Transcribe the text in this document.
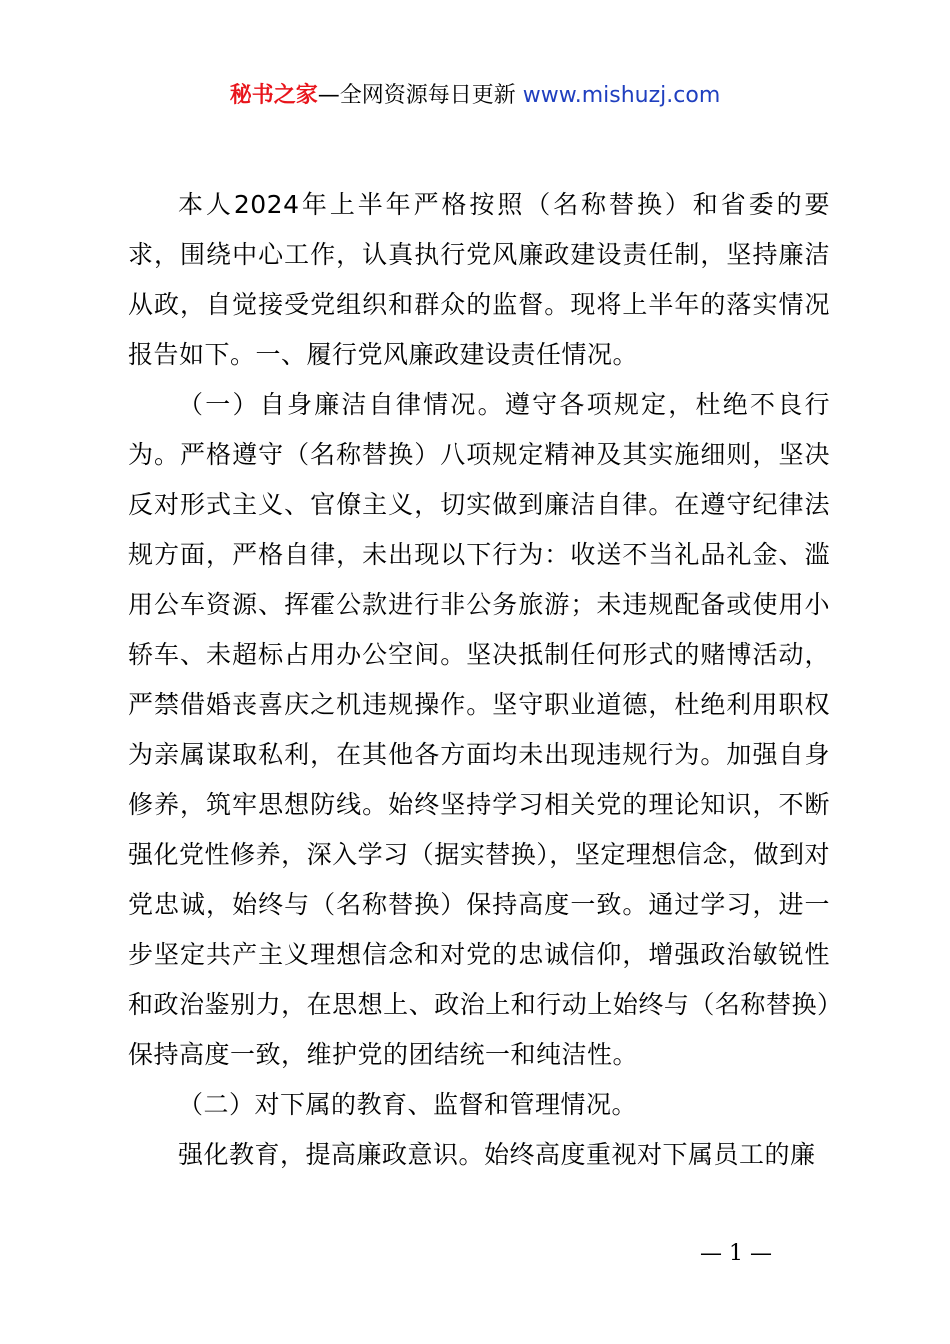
秘书之家—全网资源每日更新 www.mishuzj.com

本人2024年上半年严格按照（名称替换）和省委的要求，围绕中心工作，认真执行党风廉政建设责任制，坚持廉洁从政，自觉接受党组织和群众的监督。现将上半年的落实情况报告如下。一、履行党风廉政建设责任情况。

（一）自身廉洁自律情况。遵守各项规定，杜绝不良行为。严格遵守（名称替换）八项规定精神及其实施细则，坚决反对形式主义、官僚主义，切实做到廉洁自律。在遵守纪律法规方面，严格自律，未出现以下行为：收送不当礼品礼金、滥用公车资源、挥霍公款进行非公务旅游；未违规配备或使用小轿车、未超标占用办公空间。坚决抵制任何形式的赌博活动，严禁借婚丧喜庆之机违规操作。坚守职业道德，杜绝利用职权为亲属谋取私利，在其他各方面均未出现违规行为。加强自身修养，筑牢思想防线。始终坚持学习相关党的理论知识，不断强化党性修养，深入学习（据实替换），坚定理想信念，做到对党忠诚，始终与（名称替换）保持高度一致。通过学习，进一步坚定共产主义理想信念和对党的忠诚信仰，增强政治敏锐性和政治鉴别力，在思想上、政治上和行动上始终与（名称替换）保持高度一致，维护党的团结统一和纯洁性。

（二）对下属的教育、监督和管理情况。

强化教育，提高廉政意识。始终高度重视对下属员工的廉

— 1 —
